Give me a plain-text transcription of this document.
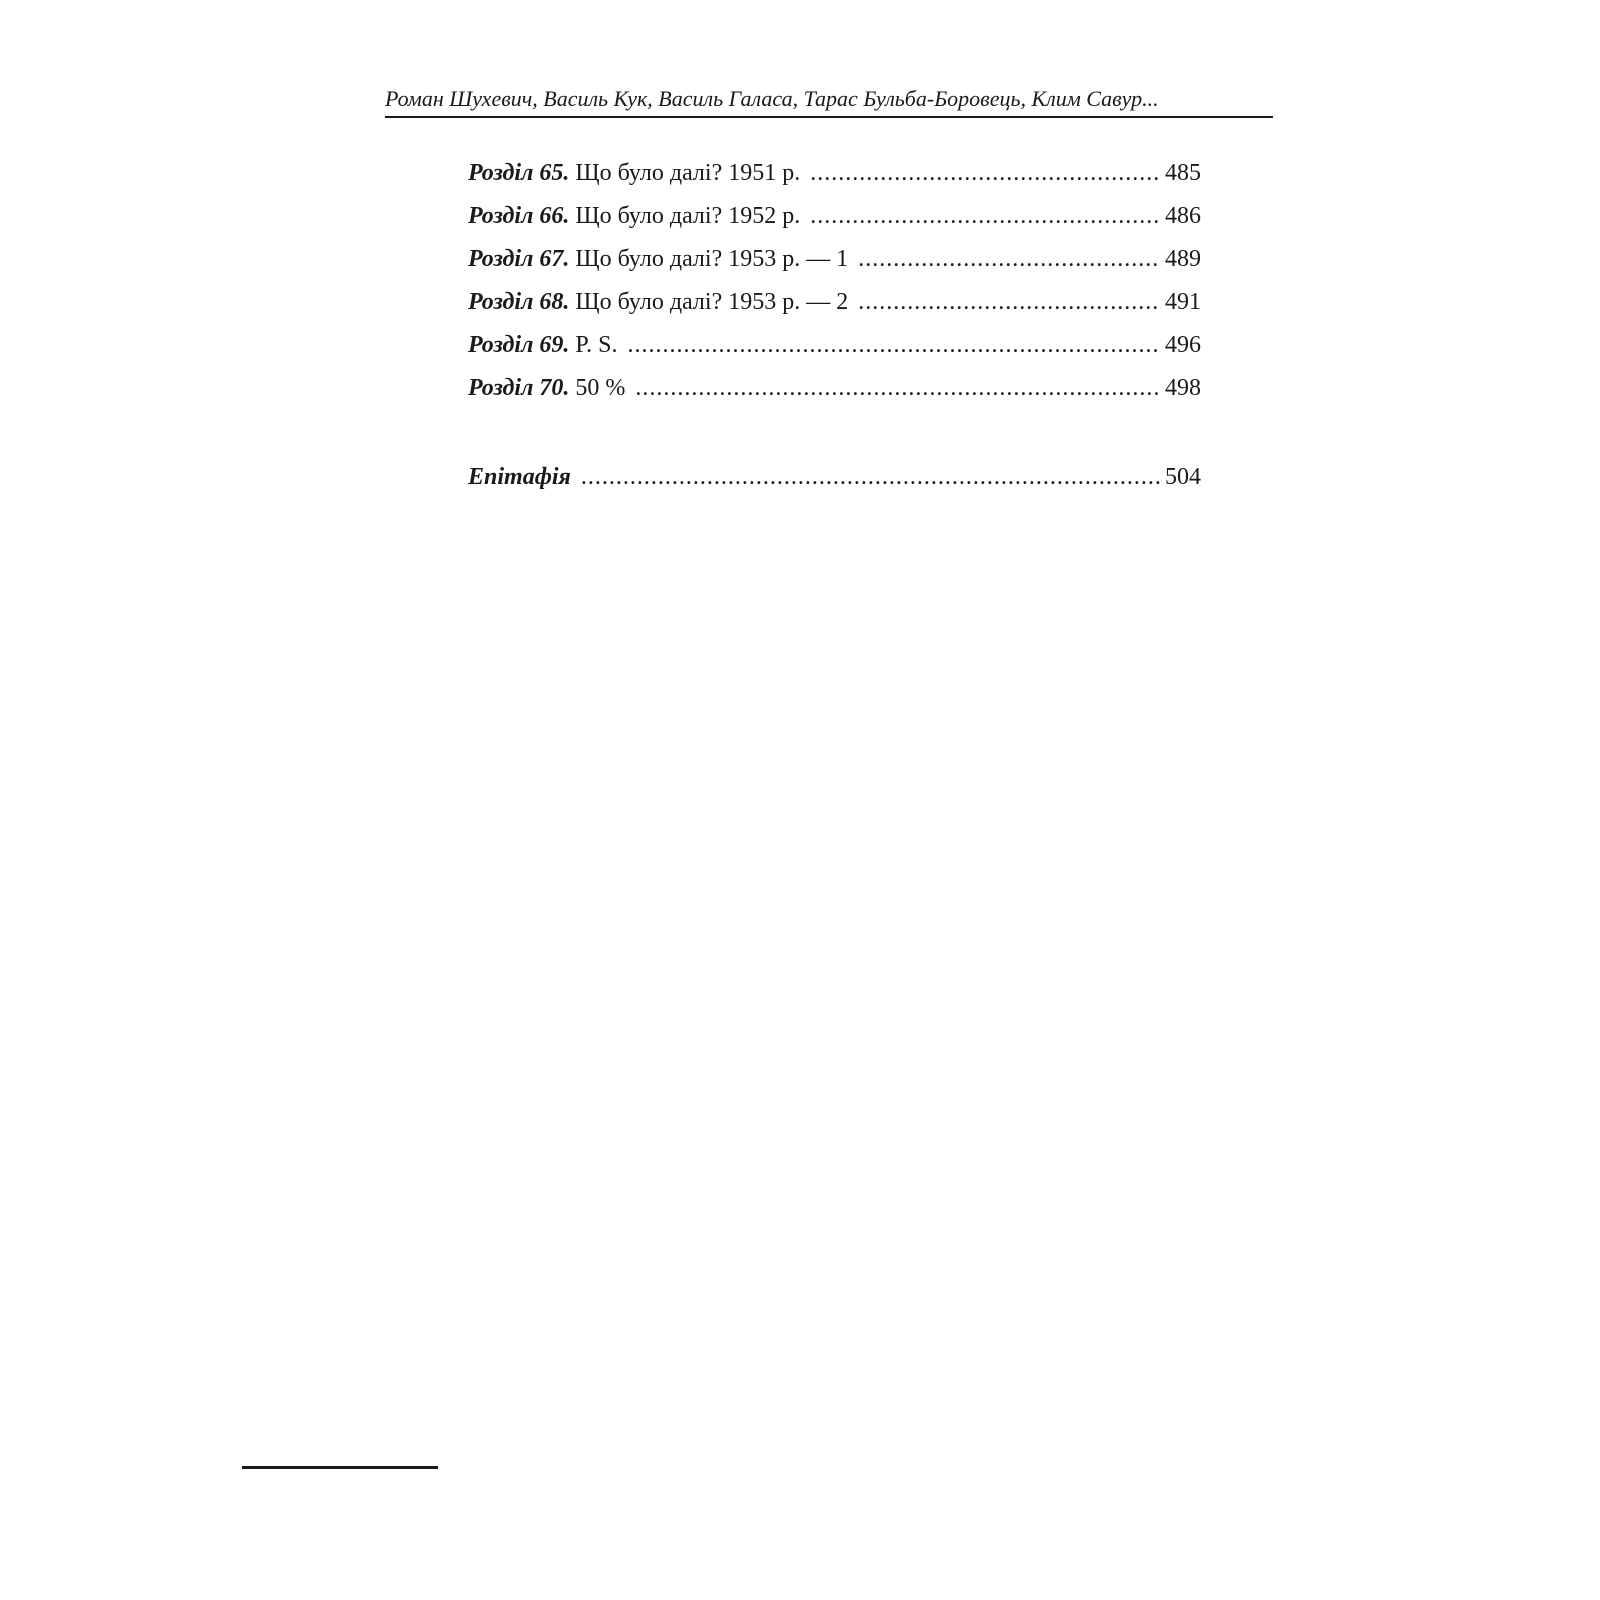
Роман Шухевич, Василь Кук, Василь Галаса, Тарас Бульба-Боровець, Клим Савур...
Розділ 65. Що було далі? 1951 р. .....	485
Розділ 66. Що було далі? 1952 р. .....	486
Розділ 67. Що було далі? 1953 р. — 1 .....	489
Розділ 68. Що було далі? 1953 р. — 2 .....	491
Розділ 69. P. S. .....	496
Розділ 70. 50 % .....	498
Епітафія .....	504
